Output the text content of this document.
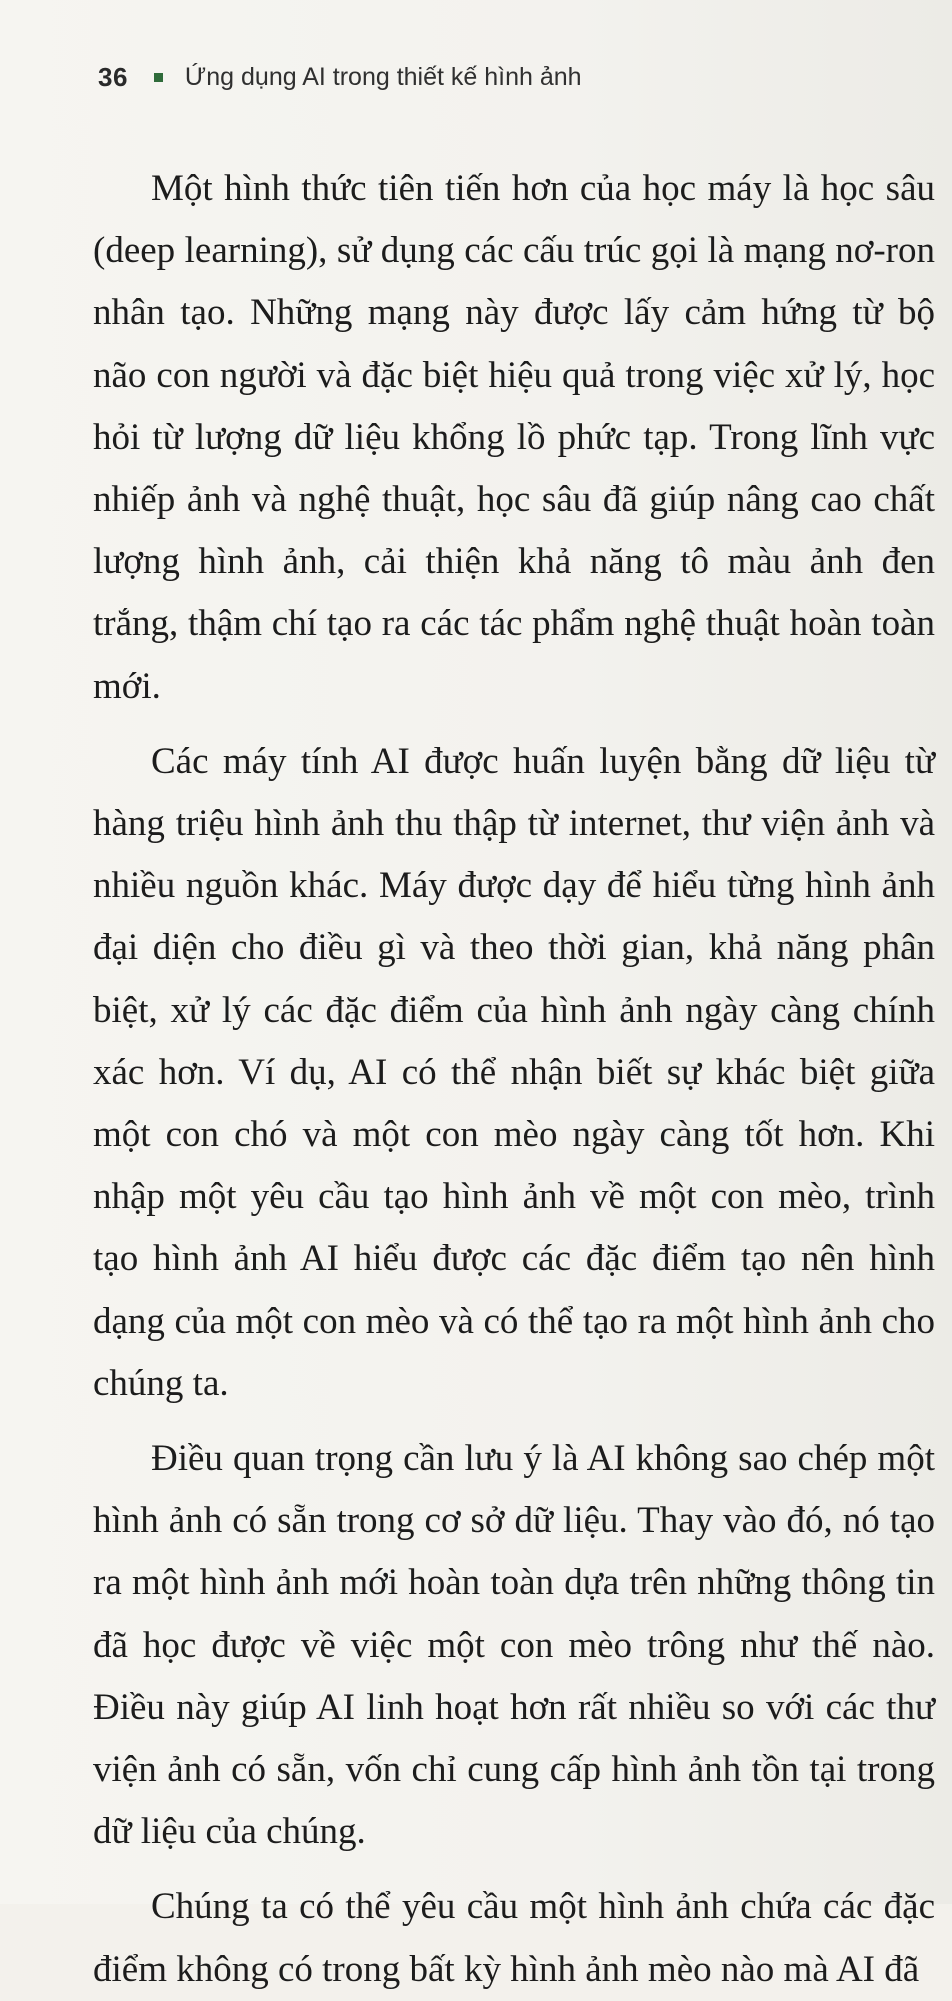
36 Ứng dụng AI trong thiết kế hình ảnh

Một hình thức tiên tiến hơn của học máy là học sâu (deep learning), sử dụng các cấu trúc gọi là mạng nơ-ron nhân tạo. Những mạng này được lấy cảm hứng từ bộ não con người và đặc biệt hiệu quả trong việc xử lý, học hỏi từ lượng dữ liệu khổng lồ phức tạp. Trong lĩnh vực nhiếp ảnh và nghệ thuật, học sâu đã giúp nâng cao chất lượng hình ảnh, cải thiện khả năng tô màu ảnh đen trắng, thậm chí tạo ra các tác phẩm nghệ thuật hoàn toàn mới.

Các máy tính AI được huấn luyện bằng dữ liệu từ hàng triệu hình ảnh thu thập từ internet, thư viện ảnh và nhiều nguồn khác. Máy được dạy để hiểu từng hình ảnh đại diện cho điều gì và theo thời gian, khả năng phân biệt, xử lý các đặc điểm của hình ảnh ngày càng chính xác hơn. Ví dụ, AI có thể nhận biết sự khác biệt giữa một con chó và một con mèo ngày càng tốt hơn. Khi nhập một yêu cầu tạo hình ảnh về một con mèo, trình tạo hình ảnh AI hiểu được các đặc điểm tạo nên hình dạng của một con mèo và có thể tạo ra một hình ảnh cho chúng ta.

Điều quan trọng cần lưu ý là AI không sao chép một hình ảnh có sẵn trong cơ sở dữ liệu. Thay vào đó, nó tạo ra một hình ảnh mới hoàn toàn dựa trên những thông tin đã học được về việc một con mèo trông như thế nào. Điều này giúp AI linh hoạt hơn rất nhiều so với các thư viện ảnh có sẵn, vốn chỉ cung cấp hình ảnh tồn tại trong dữ liệu của chúng.

Chúng ta có thể yêu cầu một hình ảnh chứa các đặc điểm không có trong bất kỳ hình ảnh mèo nào mà AI đã
